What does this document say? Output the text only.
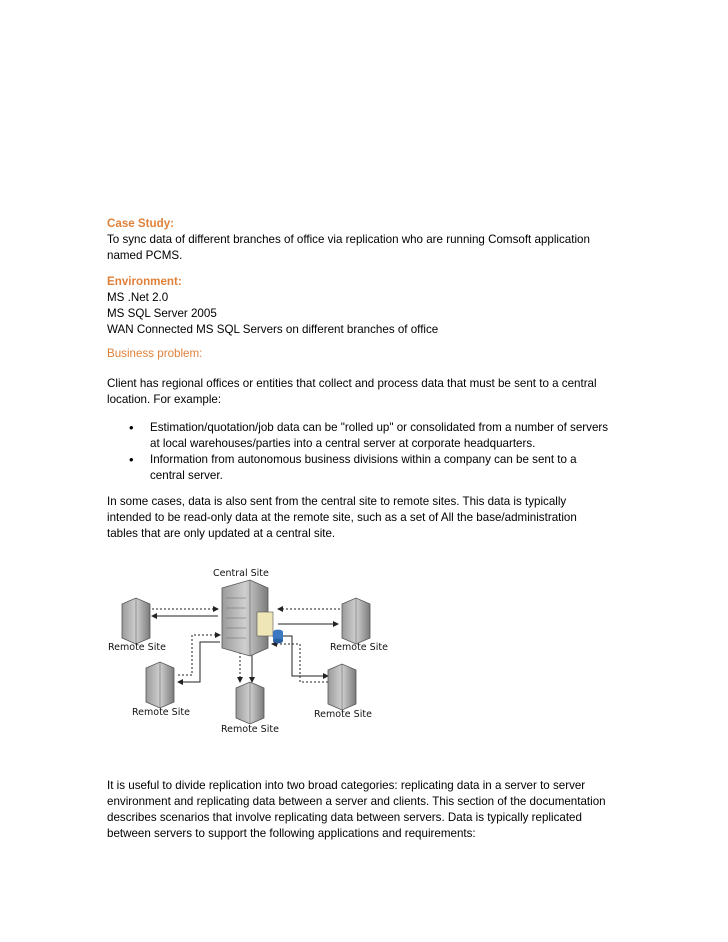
Case Study:
To sync data of different branches of office via replication who are running Comsoft application
named PCMS.
Environment:
MS .Net 2.0
MS SQL Server 2005
WAN Connected MS SQL Servers on different branches of office
Business problem:
Client has regional offices or entities that collect and process data that must be sent to a central
location. For example:
• Estimation/quotation/job data can be "rolled up" or consolidated from a number of servers
at local warehouses/parties into a central server at corporate headquarters.
• Information from autonomous business divisions within a company can be sent to a
central server.
In some cases, data is also sent from the central site to remote sites. This data is typically
intended to be read-only data at the remote site, such as a set of All the base/administration
tables that are only updated at a central site.
Central Site
Remote Site	Remote Site
Remote Site
Remote Site
Remote Site
It is useful to divide replication into two broad categories: replicating data in a server to server
environment and replicating data between a server and clients. This section of the documentation
describes scenarios that involve replicating data between servers. Data is typically replicated
between servers to support the following applications and requirements:
